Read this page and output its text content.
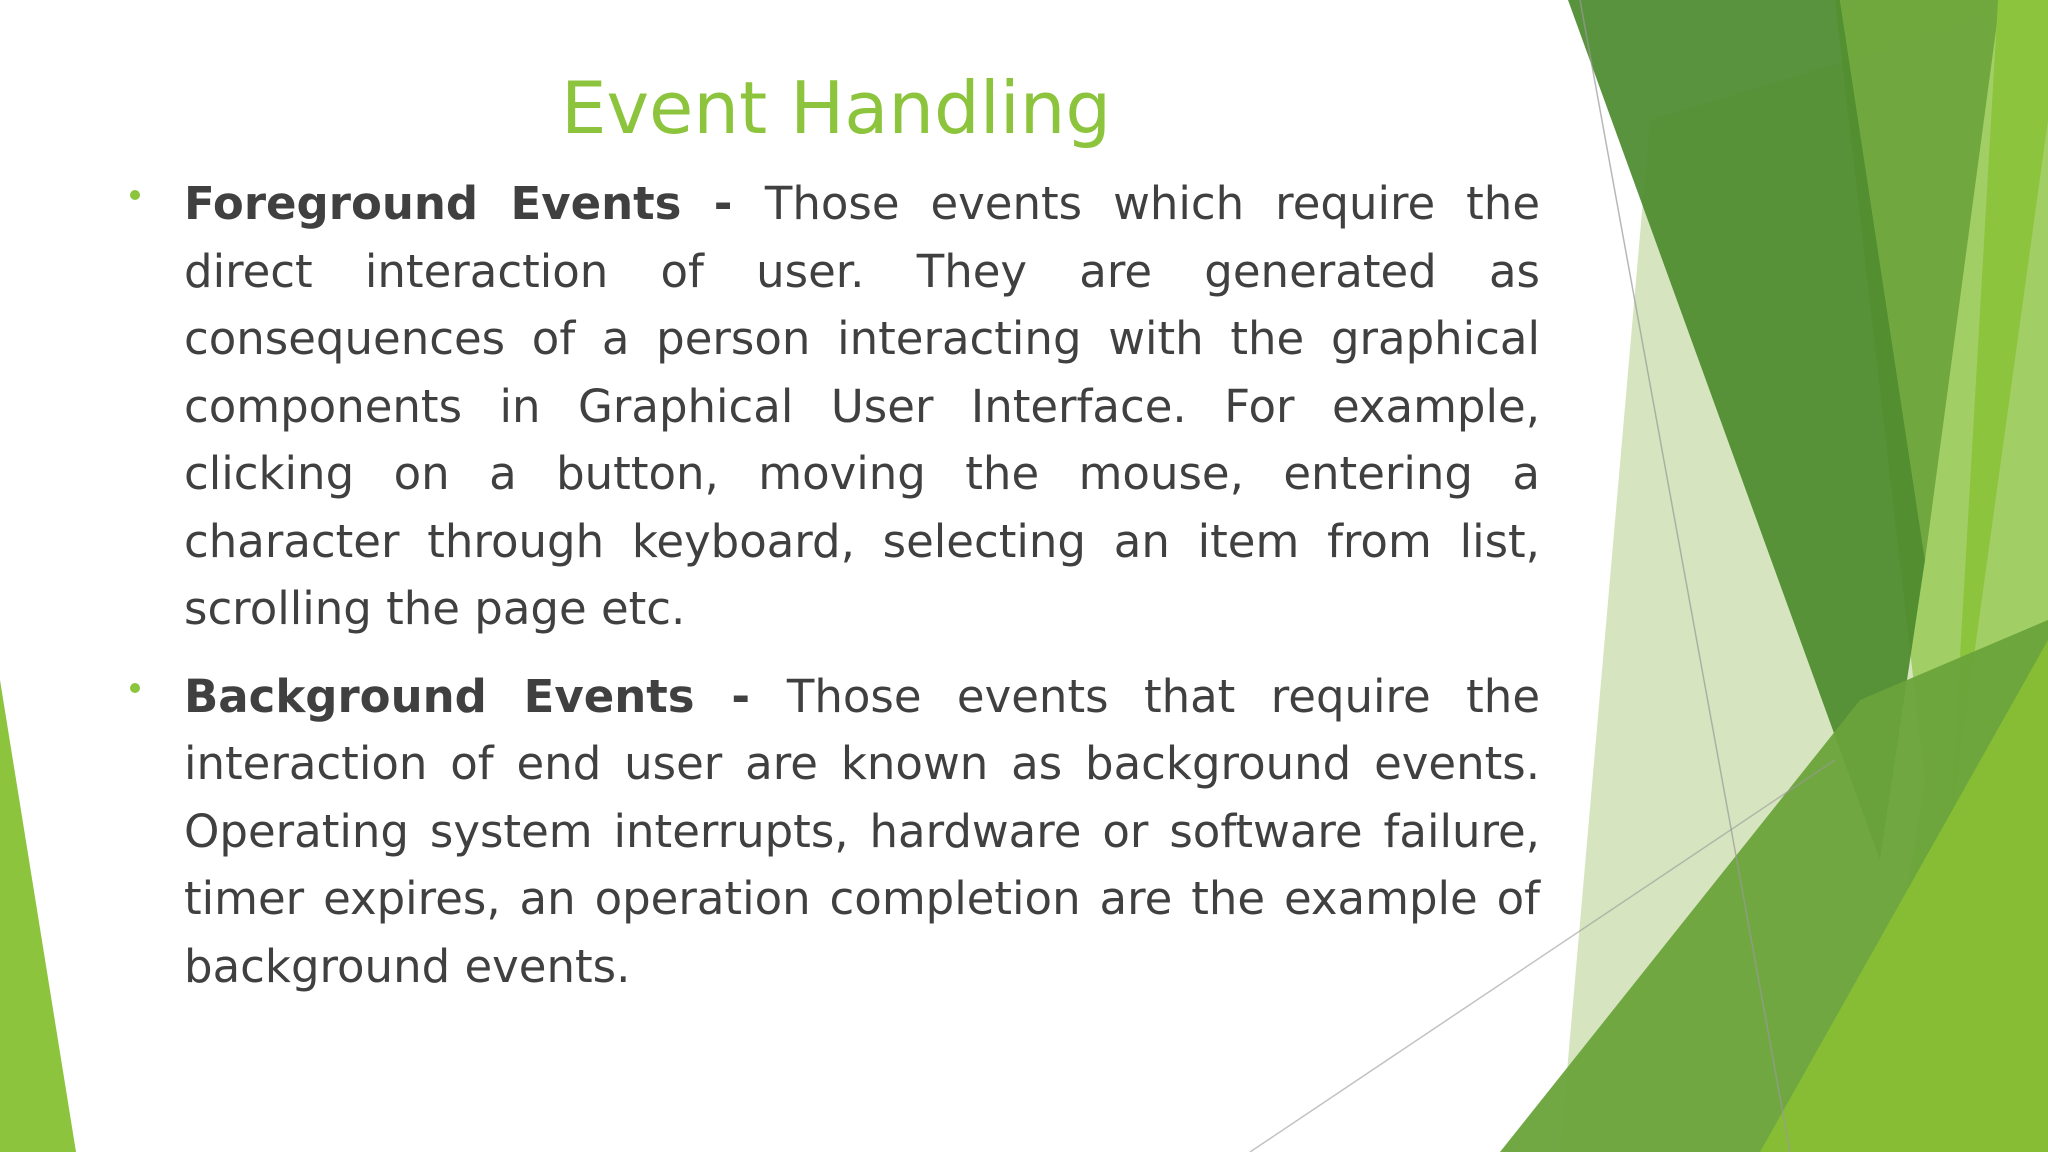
Event Handling

Foreground Events - Those events which require the direct interaction of user. They are generated as consequences of a person interacting with the graphical components in Graphical User Interface. For example, clicking on a button, moving the mouse, entering a character through keyboard, selecting an item from list, scrolling the page etc.

Background Events - Those events that require the interaction of end user are known as background events. Operating system interrupts, hardware or software failure, timer expires, an operation completion are the example of background events.
